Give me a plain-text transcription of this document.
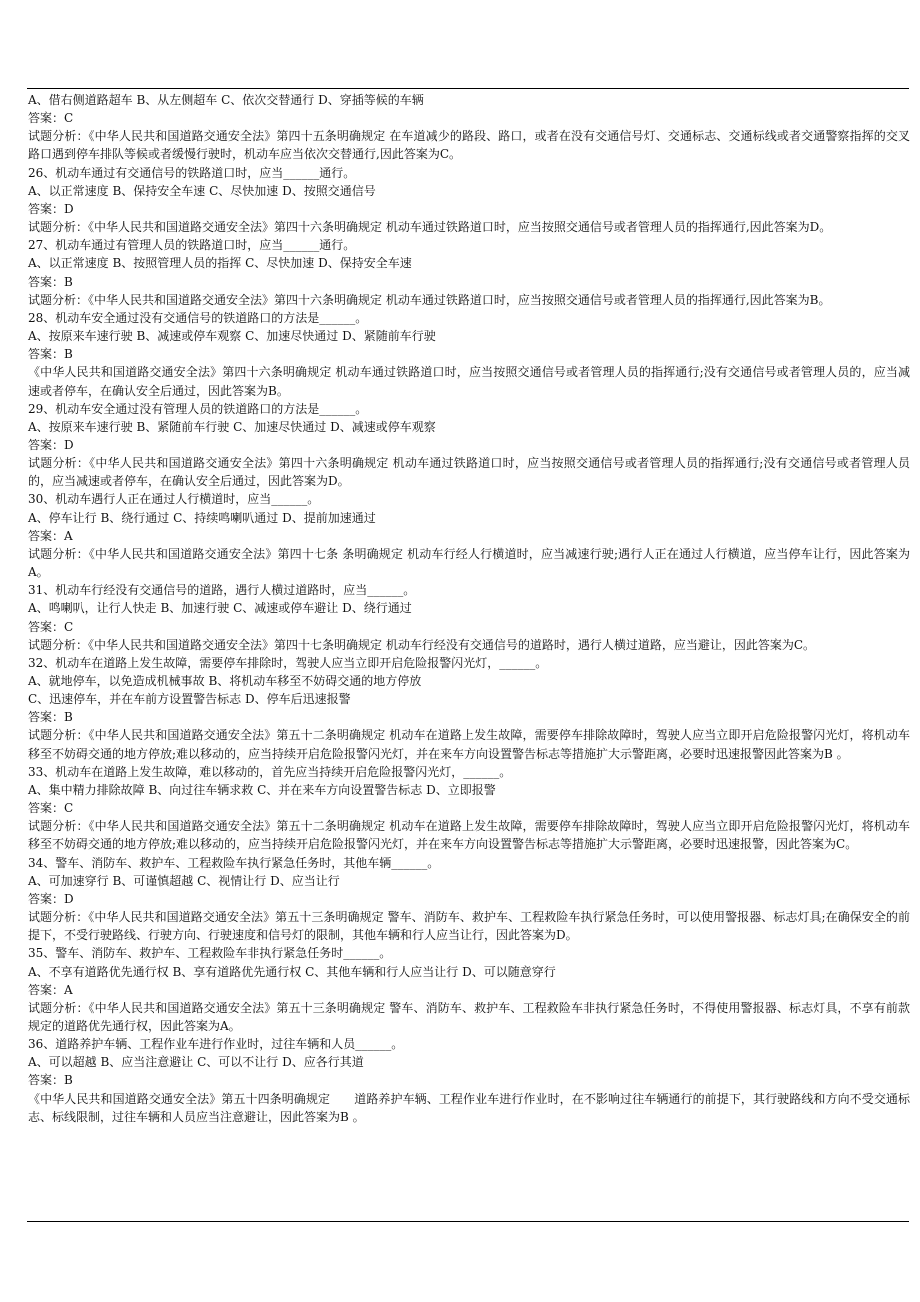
A、借右侧道路超车 B、从左侧超车 C、依次交替通行 D、穿插等候的车辆

答案：C

试题分析：《中华人民共和国道路交通安全法》第四十五条明确规定 在车道减少的路段、路口，或者在没有交通信号灯、交通标志、交通标线或者交通警察指挥的交叉路口遇到停车排队等候或者缓慢行驶时，机动车应当依次交替通行,因此答案为C。

26、机动车通过有交通信号的铁路道口时，应当______通行。

A、以正常速度 B、保持安全车速 C、尽快加速 D、按照交通信号

答案：D

试题分析：《中华人民共和国道路交通安全法》第四十六条明确规定 机动车通过铁路道口时，应当按照交通信号或者管理人员的指挥通行,因此答案为D。

27、机动车通过有管理人员的铁路道口时，应当______通行。

A、以正常速度 B、按照管理人员的指挥 C、尽快加速 D、保持安全车速

答案：B

试题分析：《中华人民共和国道路交通安全法》第四十六条明确规定 机动车通过铁路道口时，应当按照交通信号或者管理人员的指挥通行,因此答案为B。

28、机动车安全通过没有交通信号的铁道路口的方法是______。

A、按原来车速行驶 B、减速或停车观察 C、加速尽快通过 D、紧随前车行驶

答案：B

《中华人民共和国道路交通安全法》第四十六条明确规定 机动车通过铁路道口时，应当按照交通信号或者管理人员的指挥通行;没有交通信号或者管理人员的，应当减速或者停车，在确认安全后通过，因此答案为B。

29、机动车安全通过没有管理人员的铁道路口的方法是______。

A、按原来车速行驶 B、紧随前车行驶 C、加速尽快通过 D、减速或停车观察

答案：D

试题分析：《中华人民共和国道路交通安全法》第四十六条明确规定 机动车通过铁路道口时，应当按照交通信号或者管理人员的指挥通行;没有交通信号或者管理人员的，应当减速或者停车，在确认安全后通过，因此答案为D。

30、机动车遇行人正在通过人行横道时，应当______。

A、停车让行 B、绕行通过 C、持续鸣喇叭通过 D、提前加速通过

答案：A

试题分析：《中华人民共和国道路交通安全法》第四十七条 条明确规定 机动车行经人行横道时，应当减速行驶;遇行人正在通过人行横道，应当停车让行，因此答案为A。

31、机动车行经没有交通信号的道路，遇行人横过道路时，应当______。

A、鸣喇叭，让行人快走 B、加速行驶 C、减速或停车避让 D、绕行通过

答案：C

试题分析：《中华人民共和国道路交通安全法》第四十七条明确规定 机动车行经没有交通信号的道路时，遇行人横过道路，应当避让，因此答案为C。

32、机动车在道路上发生故障，需要停车排除时，驾驶人应当立即开启危险报警闪光灯，______。

A、就地停车，以免造成机械事故 B、将机动车移至不妨碍交通的地方停放

C、迅速停车，并在车前方设置警告标志 D、停车后迅速报警

答案：B

试题分析：《中华人民共和国道路交通安全法》第五十二条明确规定 机动车在道路上发生故障，需要停车排除故障时，驾驶人应当立即开启危险报警闪光灯，将机动车移至不妨碍交通的地方停放;难以移动的，应当持续开启危险报警闪光灯，并在来车方向设置警告标志等措施扩大示警距离，必要时迅速报警因此答案为B 。

33、机动车在道路上发生故障，难以移动的，首先应当持续开启危险报警闪光灯，______。

A、集中精力排除故障 B、向过往车辆求救 C、并在来车方向设置警告标志 D、立即报警

答案：C

试题分析：《中华人民共和国道路交通安全法》第五十二条明确规定 机动车在道路上发生故障，需要停车排除故障时，驾驶人应当立即开启危险报警闪光灯，将机动车移至不妨碍交通的地方停放;难以移动的，应当持续开启危险报警闪光灯，并在来车方向设置警告标志等措施扩大示警距离，必要时迅速报警，因此答案为C。

34、警车、消防车、救护车、工程救险车执行紧急任务时，其他车辆______。

A、可加速穿行 B、可谨慎超越 C、视情让行 D、应当让行

答案：D

试题分析：《中华人民共和国道路交通安全法》第五十三条明确规定 警车、消防车、救护车、工程救险车执行紧急任务时，可以使用警报器、标志灯具;在确保安全的前提下，不受行驶路线、行驶方向、行驶速度和信号灯的限制，其他车辆和行人应当让行，因此答案为D。

35、警车、消防车、救护车、工程救险车非执行紧急任务时______。

A、不享有道路优先通行权 B、享有道路优先通行权 C、其他车辆和行人应当让行 D、可以随意穿行

答案：A

试题分析：《中华人民共和国道路交通安全法》第五十三条明确规定 警车、消防车、救护车、工程救险车非执行紧急任务时，不得使用警报器、标志灯具，不享有前款规定的道路优先通行权，因此答案为A。

36、道路养护车辆、工程作业车进行作业时，过往车辆和人员______。

A、可以超越 B、应当注意避让 C、可以不让行 D、应各行其道

答案：B

《中华人民共和国道路交通安全法》第五十四条明确规定　　道路养护车辆、工程作业车进行作业时，在不影响过往车辆通行的前提下，其行驶路线和方向不受交通标志、标线限制，过往车辆和人员应当注意避让，因此答案为B 。
